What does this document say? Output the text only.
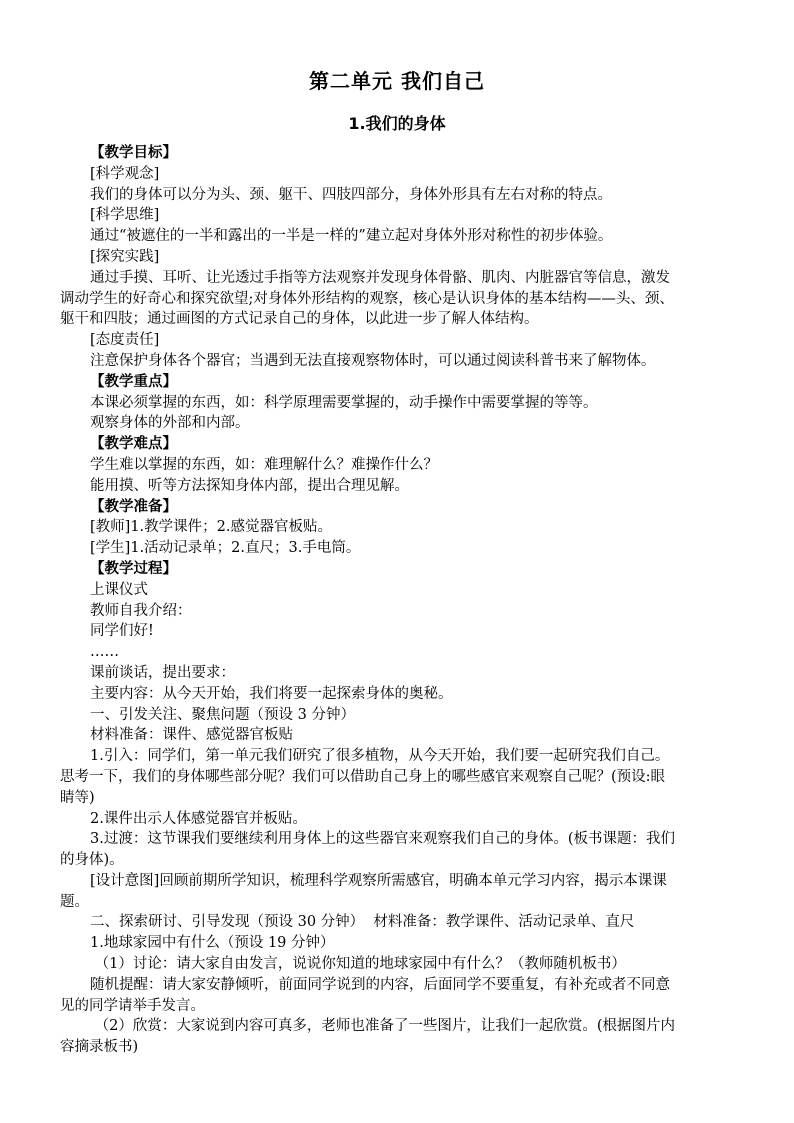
第二单元 我们自己
1.我们的身体
【教学目标】
[科学观念]
我们的身体可以分为头、颈、躯干、四肢四部分，身体外形具有左右对称的特点。
[科学思维]
通过“被遮住的一半和露出的一半是一样的”建立起对身体外形对称性的初步体验。
[探究实践]
通过手摸、耳听、让光透过手指等方法观察并发现身体骨骼、肌肉、内脏器官等信息，激发
调动学生的好奇心和探究欲望;对身体外形结构的观察，核心是认识身体的基本结构——头、颈、
躯干和四肢；通过画图的方式记录自己的身体，以此进一步了解人体结构。
[态度责任]
注意保护身体各个器官；当遇到无法直接观察物体时，可以通过阅读科普书来了解物体。
【教学重点】
本课必须掌握的东西，如：科学原理需要掌握的，动手操作中需要掌握的等等。
观察身体的外部和内部。
【教学难点】
学生难以掌握的东西，如：难理解什么？难操作什么？
能用摸、听等方法探知身体内部，提出合理见解。
【教学准备】
[教师]1.教学课件；2.感觉器官板贴。
[学生]1.活动记录单；2.直尺；3.手电筒。
【教学过程】
上课仪式
教师自我介绍：
同学们好!
……
课前谈话，提出要求：
主要内容：从今天开始，我们将要一起探索身体的奥秘。
一、引发关注、聚焦问题（预设 3 分钟）
材料准备：课件、感觉器官板贴
1.引入：同学们，第一单元我们研究了很多植物，从今天开始，我们要一起研究我们自己。
思考一下，我们的身体哪些部分呢？我们可以借助自己身上的哪些感官来观察自己呢？(预设:眼
睛等)
2.课件出示人体感觉器官并板贴。
3.过渡：这节课我们要继续利用身体上的这些器官来观察我们自己的身体。(板书课题：我们
的身体)。
[设计意图]回顾前期所学知识，梳理科学观察所需感官，明确本单元学习内容，揭示本课课
题。
二、探索研讨、引导发现（预设 30 分钟）  材料准备：教学课件、活动记录单、直尺
1.地球家园中有什么（预设 19 分钟）
（1）讨论：请大家自由发言，说说你知道的地球家园中有什么？（教师随机板书）
随机提醒：请大家安静倾听，前面同学说到的内容，后面同学不要重复，有补充或者不同意
见的同学请举手发言。
（2）欣赏：大家说到内容可真多，老师也准备了一些图片，让我们一起欣赏。(根据图片内
容摘录板书)
